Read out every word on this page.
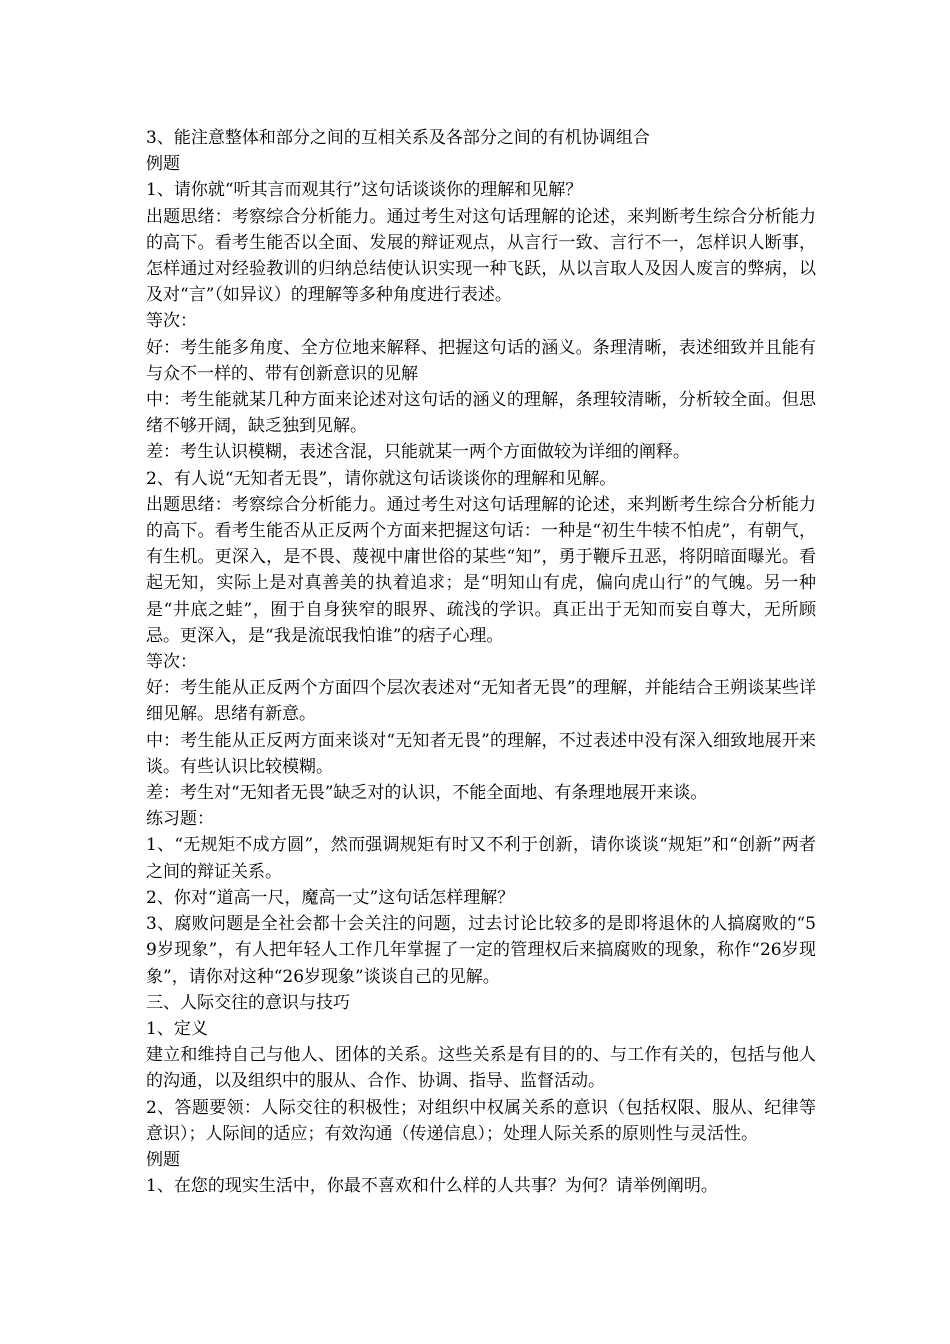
3、能注意整体和部分之间的互相关系及各部分之间的有机协调组合

例题

1、请你就“听其言而观其行”这句话谈谈你的理解和见解？

出题思绪：考察综合分析能力。通过考生对这句话理解的论述，来判断考生综合分析能力的高下。看考生能否以全面、发展的辩证观点，从言行一致、言行不一，怎样识人断事，怎样通过对经验教训的归纳总结使认识实现一种飞跃，从以言取人及因人废言的弊病，以及对“言”（如异议）的理解等多种角度进行表述。

等次：

好：考生能多角度、全方位地来解释、把握这句话的涵义。条理清晰，表述细致并且能有与众不一样的、带有创新意识的见解

中：考生能就某几种方面来论述对这句话的涵义的理解，条理较清晰，分析较全面。但思绪不够开阔，缺乏独到见解。

差：考生认识模糊，表述含混，只能就某一两个方面做较为详细的阐释。

2、有人说“无知者无畏”，请你就这句话谈谈你的理解和见解。

出题思绪：考察综合分析能力。通过考生对这句话理解的论述，来判断考生综合分析能力的高下。看考生能否从正反两个方面来把握这句话：一种是“初生牛犊不怕虎”，有朝气，有生机。更深入，是不畏、蔑视中庸世俗的某些“知”，勇于鞭斥丑恶，将阴暗面曝光。看起无知，实际上是对真善美的执着追求；是“明知山有虎，偏向虎山行”的气魄。另一种是“井底之蛙”，囿于自身狭窄的眼界、疏浅的学识。真正出于无知而妄自尊大，无所顾忌。更深入，是“我是流氓我怕谁”的痞子心理。

等次：

好：考生能从正反两个方面四个层次表述对“无知者无畏”的理解，并能结合王朔谈某些详细见解。思绪有新意。

中：考生能从正反两方面来谈对“无知者无畏”的理解，不过表述中没有深入细致地展开来谈。有些认识比较模糊。

差：考生对“无知者无畏”缺乏对的认识，不能全面地、有条理地展开来谈。

练习题：

1、“无规矩不成方圆”，然而强调规矩有时又不利于创新，请你谈谈“规矩”和“创新”两者之间的辩证关系。

2、你对“道高一尺，魔高一丈”这句话怎样理解？

3、腐败问题是全社会都十会关注的问题，过去讨论比较多的是即将退休的人搞腐败的“59岁现象”，有人把年轻人工作几年掌握了一定的管理权后来搞腐败的现象，称作“26岁现象”，请你对这种“26岁现象”谈谈自己的见解。

三、人际交往的意识与技巧

1、定义

建立和维持自己与他人、团体的关系。这些关系是有目的的、与工作有关的，包括与他人的沟通，以及组织中的服从、合作、协调、指导、监督活动。

2、答题要领：人际交往的积极性；对组织中权属关系的意识（包括权限、服从、纪律等意识）；人际间的适应；有效沟通（传递信息）；处理人际关系的原则性与灵活性。

例题

1、在您的现实生活中，你最不喜欢和什么样的人共事？为何？请举例阐明。
